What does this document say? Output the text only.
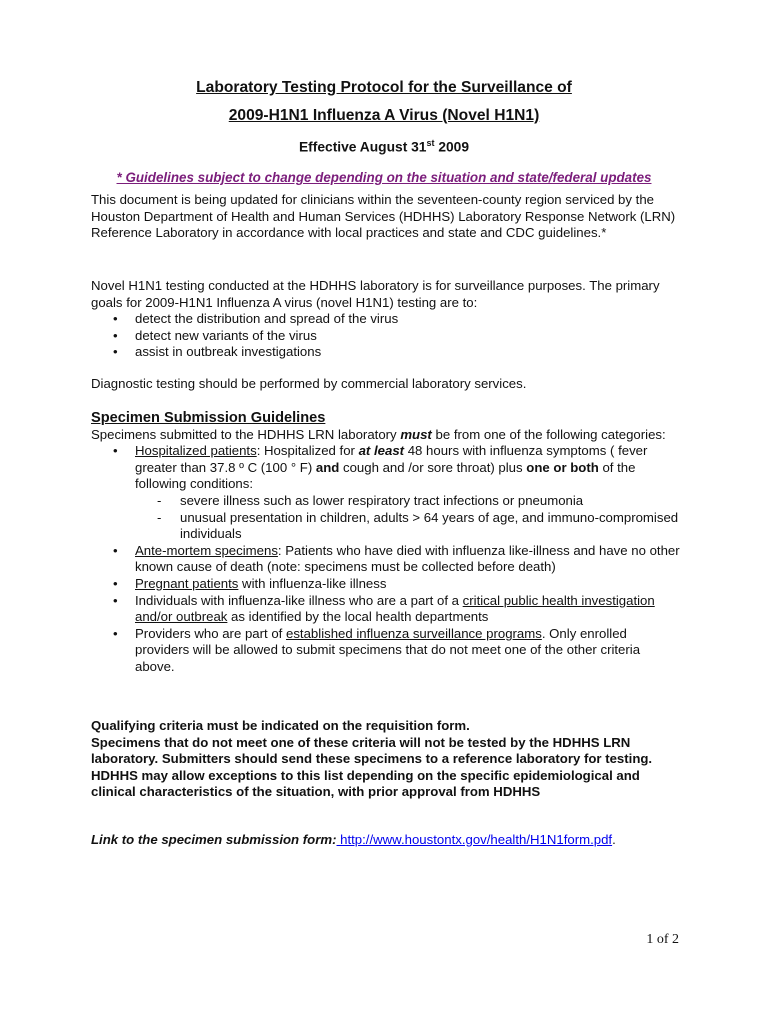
Laboratory Testing Protocol for the Surveillance of
2009-H1N1 Influenza A Virus (Novel H1N1)
Effective August 31st 2009
* Guidelines subject to change depending on the situation and state/federal updates
This document is being updated for clinicians within the seventeen-county region serviced by the Houston Department of Health and Human Services (HDHHS) Laboratory Response Network (LRN) Reference Laboratory in accordance with local practices and state and CDC guidelines.*
Novel H1N1 testing conducted at the HDHHS laboratory is for surveillance purposes. The primary goals for 2009-H1N1 Influenza A virus (novel H1N1) testing are to:
• detect the distribution and spread of the virus
• detect new variants of the virus
• assist in outbreak investigations
Diagnostic testing should be performed by commercial laboratory services.
Specimen Submission Guidelines
Specimens submitted to the HDHHS LRN laboratory must be from one of the following categories:
• Hospitalized patients: Hospitalized for at least 48 hours with influenza symptoms ( fever greater than 37.8 º C (100 ° F) and cough and /or sore throat) plus one or both of the following conditions:
- severe illness such as lower respiratory tract infections or pneumonia
- unusual presentation in children, adults > 64 years of age, and immuno-compromised individuals
• Ante-mortem specimens: Patients who have died with influenza like-illness and have no other known cause of death (note: specimens must be collected before death)
• Pregnant patients with influenza-like illness
• Individuals with influenza-like illness who are a part of a critical public health investigation and/or outbreak as identified by the local health departments
• Providers who are part of established influenza surveillance programs. Only enrolled providers will be allowed to submit specimens that do not meet one of the other criteria above.
Qualifying criteria must be indicated on the requisition form.
Specimens that do not meet one of these criteria will not be tested by the HDHHS LRN laboratory. Submitters should send these specimens to a reference laboratory for testing.
HDHHS may allow exceptions to this list depending on the specific epidemiological and clinical characteristics of the situation, with prior approval from HDHHS
Link to the specimen submission form: http://www.houstontx.gov/health/H1N1form.pdf.
1 of 2
